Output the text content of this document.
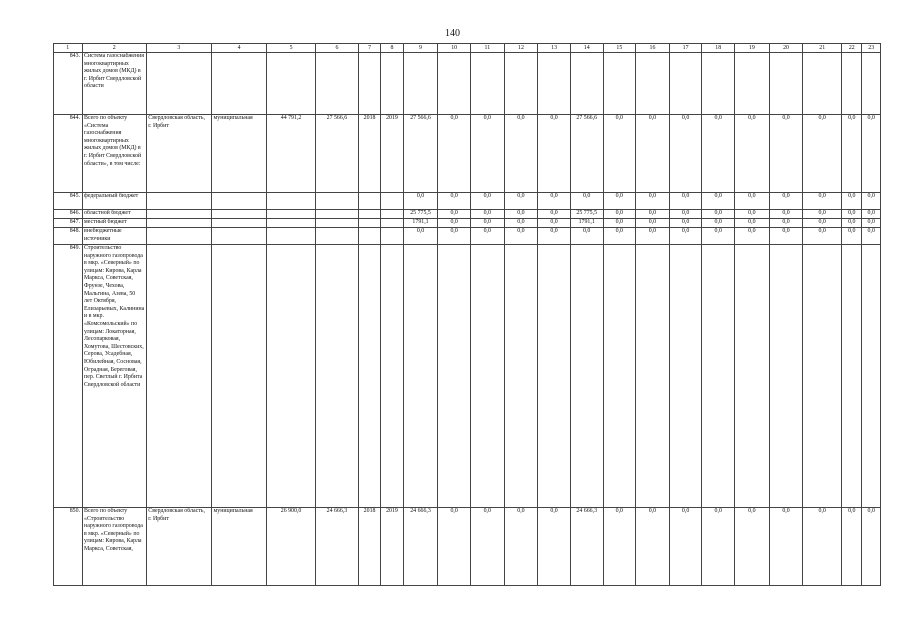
140
1	2	3	4	5	6	7	8	9	10	11	12	13	14	15	16	17	18	19	20	21	22	23
843.	Система газоснабжения многоквартирных жилых домов (МКД) в г. Ирбит Свердловской области																					
844.	Всего по объекту «Система газоснабжения многоквартирных жилых домов (МКД) в г. Ирбит Свердловской области», в том числе:	Свердловская область, г. Ирбит	муниципальная	44 791,2	27 566,6	2018	2019	27 566,6	0,0	0,0	0,0	0,0	27 566,6	0,0	0,0	0,0	0,0	0,0	0,0	0,0	0,0	0,0
845.	федеральный бюджет							0,0	0,0	0,0	0,0	0,0	0,0	0,0	0,0	0,0	0,0	0,0	0,0	0,0	0,0	0,0
846.	областной бюджет							25 775,5	0,0	0,0	0,0	0,0	25 775,5	0,0	0,0	0,0	0,0	0,0	0,0	0,0	0,0	0,0
847.	местный бюджет							1791,1	0,0	0,0	0,0	0,0	1791,1	0,0	0,0	0,0	0,0	0,0	0,0	0,0	0,0	0,0
848.	внебюджетные источники							0,0	0,0	0,0	0,0	0,0	0,0	0,0	0,0	0,0	0,0	0,0	0,0	0,0	0,0	0,0
849.	Строительство наружного газопровода в мкр. «Северный» по улицам: Кирова, Карла Маркса, Советская, Фрунзе, Чехова, Мальгина, Азева, 50 лет Октября, Елизарьевых, Калинина и в мкр. «Комсомольский» по улицам: Локаторная, Лесопарковая, Хомутова, Шестовских, Серова, Усадебная, Юбилейная, Сосновая, Оградная, Береговая, пер. Светлый г. Ирбита Свердловской области																					
850.	Всего по объекту «Строительство наружного газопровода в мкр. «Северный» по улицам: Кирова, Карла Маркса, Советская,	Свердловская область, г. Ирбит	муниципальная	26 900,0	24 666,3	2018	2019	24 666,3	0,0	0,0	0,0	0,0	24 666,3	0,0	0,0	0,0	0,0	0,0	0,0	0,0	0,0	0,0
